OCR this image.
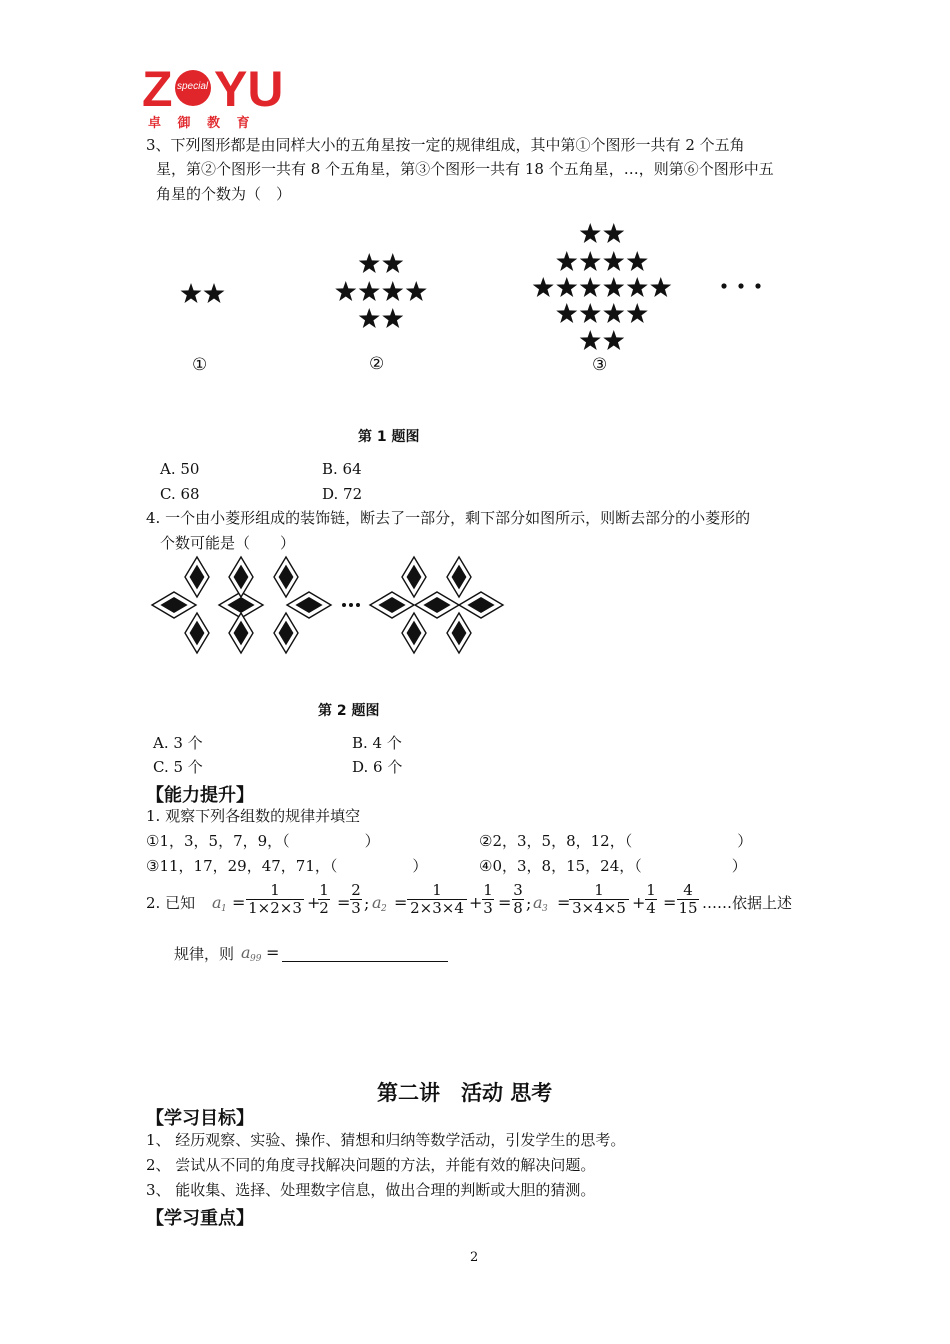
Z special YU
卓 御 教 育
3、下列图形都是由同样大小的五角星按一定的规律组成，其中第①个图形一共有 2 个五角
星，第②个图形一共有 8 个五角星，第③个图形一共有 18 个五角星，…，则第⑥个图形中五
角星的个数为（　）
①	②	③
第 1 题图
A. 50	B. 64
C. 68	D. 72
4. 一个由小菱形组成的装饰链，断去了一部分，剩下部分如图所示，则断去部分的小菱形的
个数可能是（　　）
第 2 题图
A. 3 个	B. 4 个
C. 5 个	D. 6 个
【能力提升】
1. 观察下列各组数的规律并填空
①1，3，5，7，9，（　　　　　）	②2，3，5，8，12，（　　　　　　　）
③11，17，29，47，71，（　　　　　）	④0，3，8，15，24，（　　　　　　）
2. 已知 a 1 =
1
1×2×3 +
1
2 =
2
3 ; a 2 =
1
2×3×4 +
1
3 =
3
8 ; a 3 =
1
3×4×5 +
1
4 =
4
15 ……依据上述
规律，则 a 99 =
第二讲　活动 思考
【学习目标】
1、 经历观察、实验、操作、猜想和归纳等数学活动，引发学生的思考。
2、 尝试从不同的角度寻找解决问题的方法，并能有效的解决问题。
3、 能收集、选择、处理数字信息，做出合理的判断或大胆的猜测。
【学习重点】
2
